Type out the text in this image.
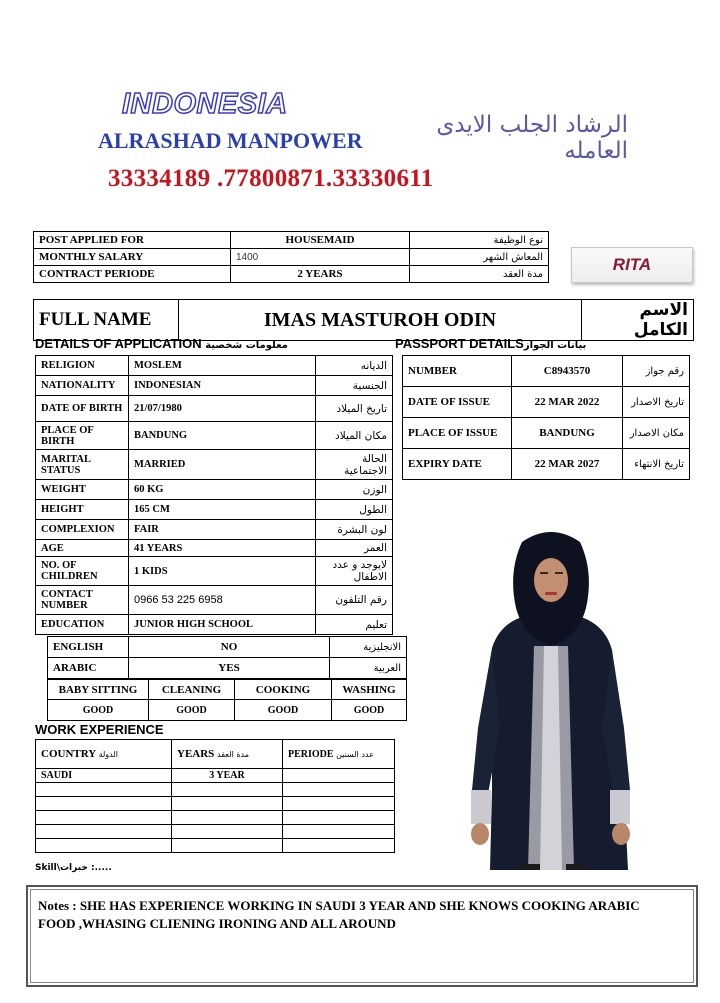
INDONESIA
ALRASHAD MANPOWER
الرشاد الجلب الايدى العامله
33334189 .77800871.33330611
POST APPLIED FOR	HOUSEMAID	نوع الوظيفة
MONTHLY SALARY	1400	المعاش الشهر
CONTRACT PERIODE	2 YEARS	مدة العقد	RITA
FULL NAME	IMAS MASTUROH ODIN	الاسم الكامل
DETAILS OF APPLICATION معلومات شخصية	PASSPORT DETAILSبيانات الجواز
RELIGION	MOSLEM	الديانه
NATIONALITY	INDONESIAN	الجنسية
DATE OF BIRTH	21/07/1980	تاريخ الميلاد
PLACE OF BIRTH	BANDUNG	مكان الميلاد
MARITAL STATUS	MARRIED	الحالة الاجتماعية
WEIGHT	60 KG	الوزن
HEIGHT	165 CM	الطول
COMPLEXION	FAIR	لون البشرة
AGE	41 YEARS	العمر
NO. OF CHILDREN	1 KIDS	لايوجد و عدد الاطفال
CONTACT NUMBER	0966 53 225 6958	رقم التلفون
EDUCATION	JUNIOR HIGH SCHOOL	تعليم
ENGLISH	NO	الانجليزية
ARABIC	YES	العربية
BABY SITTING	CLEANING	COOKING	WASHING
GOOD	GOOD	GOOD	GOOD
NUMBER	C8943570	رقم جواز
DATE OF ISSUE	22 MAR 2022	تاريخ الاصدار
PLACE OF ISSUE	BANDUNG	مكان الاصدار
EXPIRY DATE	22 MAR 2027	تاريخ الانتهاء
WORK EXPERIENCE
COUNTRY الدولة	YEARS مدة العقد	PERIODE عدد السنين
SAUDI	3 YEAR	

Skill\خبرات :.....
Notes : SHE HAS EXPERIENCE WORKING IN SAUDI 3 YEAR AND SHE KNOWS COOKING ARABIC FOOD ,WHASING CLIENING IRONING AND ALL AROUND
